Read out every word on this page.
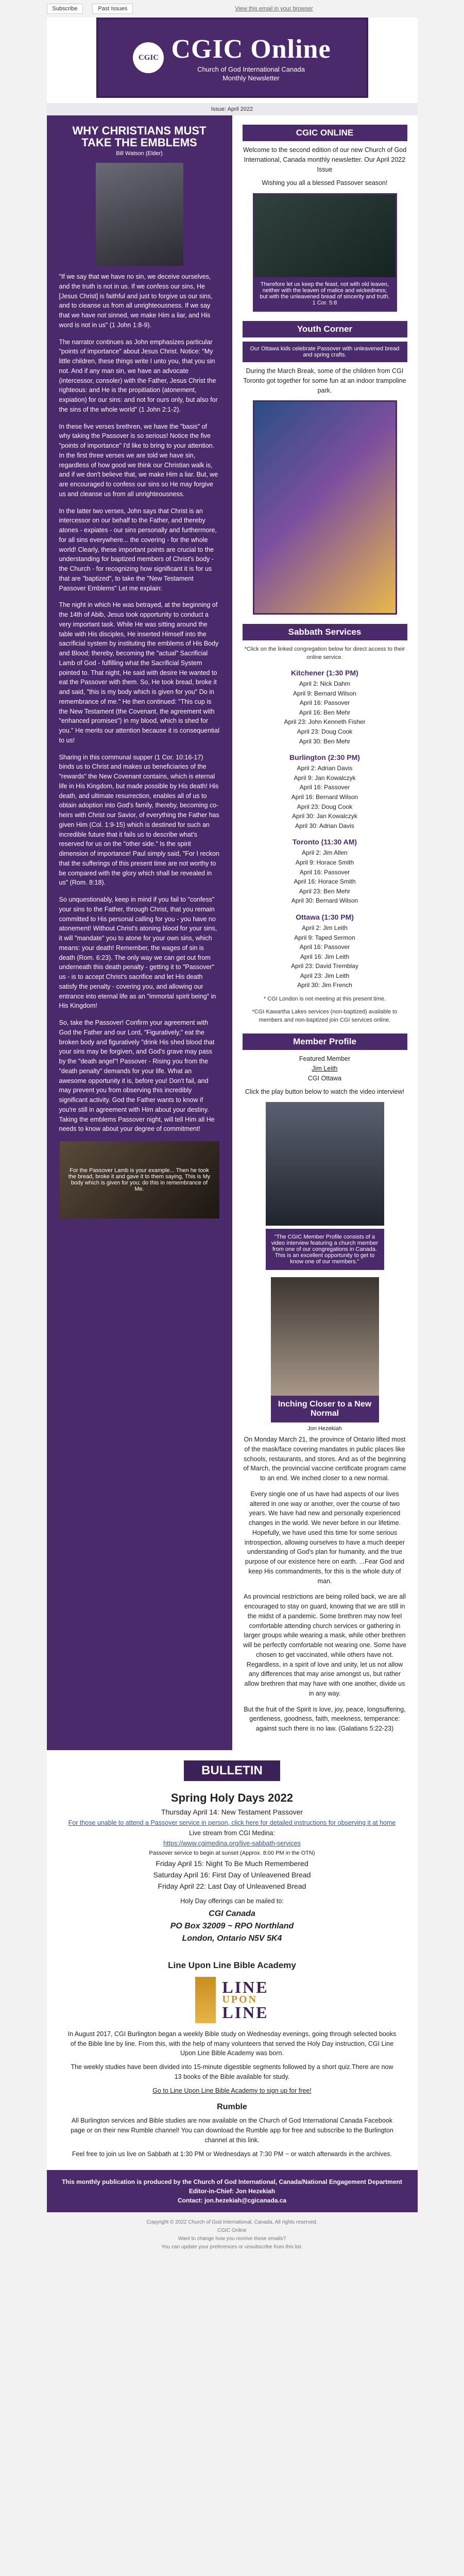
Subscribe	Past Issues	View this email in your browser
CGIC CGIC Online
Church of God International Canada
Monthly Newsletter
Issue: April 2022
WHY CHRISTIANS MUST TAKE THE EMBLEMS
Bill Watson (Elder)

"If we say that we have no sin, we deceive ourselves, and the truth is not in us. If we confess our sins, He [Jesus Christ] is faithful and just to forgive us our sins, and to cleanse us from all unrighteousness. If we say that we have not sinned, we make Him a liar, and His word is not in us" (1 John 1:8-9).

The narrator continues as John emphasizes particular "points of importance" about Jesus Christ. Notice: "My little children, these things write I unto you, that you sin not. And if any man sin, we have an advocate (intercessor, consoler) with the Father, Jesus Christ the righteous: and He is the propitiation (atonement, expiation) for our sins: and not for ours only, but also for the sins of the whole world" (1 John 2:1-2).

In these five verses brethren, we have the "basis" of why taking the Passover is so serious! Notice the five "points of importance" I'd like to bring to your attention. In the first three verses we are told we have sin, regardless of how good we think our Christian walk is, and if we don't believe that, we make Him a liar. But, we are encouraged to confess our sins so He may forgive us and cleanse us from all unrighteousness.

In the latter two verses, John says that Christ is an intercessor on our behalf to the Father, and thereby atones - expiates - our sins personally and furthermore, for all sins everywhere... the covering - for the whole world! Clearly, these important points are crucial to the understanding for baptized members of Christ's body - the Church - for recognizing how significant it is for us that are "baptized", to take the "New Testament Passover Emblems" Let me explain:

The night in which He was betrayed, at the beginning of the 14th of Abib, Jesus took opportunity to conduct a very important task. While He was sitting around the table with His disciples, He inserted Himself into the sacrificial system by instituting the emblems of His Body and Blood; thereby, becoming the "actual" Sacrificial Lamb of God - fulfilling what the Sacrificial System pointed to. That night, He said with desire He wanted to eat the Passover with them. So, He took bread, broke it and said, "this is my body which is given for you" Do in remembrance of me." He then continued: "This cup is the New Testament (the Covenant, the agreement with "enhanced promises") in my blood, which is shed for you." He merits our attention because it is consequential to us!

Sharing in this communal supper (1 Cor. 10:16-17) binds us to Christ and makes us beneficiaries of the "rewards" the New Covenant contains, which is eternal life in His Kingdom, but made possible by His death! His death, and ultimate resurrection, enables all of us to obtain adoption into God's family, thereby, becoming co-heirs with Christ our Savior, of everything the Father has given Him (Col. 1:9-15) which is destined for such an incredible future that it fails us to describe what's reserved for us on the "other side." Is the spirit dimension of importance! Paul simply said, "For I reckon that the sufferings of this present time are not worthy to be compared with the glory which shall be revealed in us" (Rom. 8:18).

So unquestionably, keep in mind if you fail to "confess" your sins to the Father, through Christ, that you remain committed to His personal calling for you - you have no atonement! Without Christ's atoning blood for your sins, it will "mandate" you to atone for your own sins, which means: your death! Remember, the wages of sin is death (Rom. 6:23). The only way we can get out from underneath this death penalty - getting it to "Passover" us - is to accept Christ's sacrifice and let His death satisfy the penalty - covering you, and allowing our entrance into eternal life as an "immortal spirit being" in His Kingdom!

So, take the Passover! Confirm your agreement with God the Father and our Lord, "Figuratively," eat the broken body and figuratively "drink His shed blood that your sins may be forgiven, and God's grave may pass by the "death angel"! Passover - Rising you from the "death penalty" demands for your life. What an awesome opportunity it is, before you! Don't fail, and may prevent you from observing this incredibly significant activity. God the Father wants to know if you're still in agreement with Him about your destiny. Taking the emblems Passover night, will tell Him all He needs to know about your degree of commitment!

For the Passover Lamb is your example... Then he took the bread, broke it and gave it to them saying, This is My body which is given for you; do this in remembrance of Me.
CGIC ONLINE
Welcome to the second edition of our new Church of God International, Canada monthly newsletter. Our April 2022 Issue
Wishing you all a blessed Passover season!
Therefore let us keep the feast, not with old leaven, neither with the leaven of malice and wickedness; but with the unleavened bread of sincerity and truth. 1 Cor. 5:8
Youth Corner
Our Ottawa kids celebrate Passover with unleavened bread and spring crafts.
During the March Break, some of the children from CGI Toronto got together for some fun at an indoor trampoline park.
Sabbath Services
*Click on the linked congregation below for direct access to their online service.
Kitchener (1:30 PM)
April 2: Nick Dahm
April 9: Bernard Wilson
April 16: Passover
April 16: Ben Mehr
April 23: John Kenneth Fisher
April 23: Doug Cook
April 30: Ben Mehr
Burlington (2:30 PM)
April 2: Adrian Davis
April 9: Jan Kowalczyk
April 16: Passover
April 16: Bernard Wilson
April 23: Doug Cook
April 30: Jan Kowalczyk
April 30: Adrian Davis
Toronto (11:30 AM)
April 2: Jim Allen
April 9: Horace Smith
April 16: Passover
April 16: Horace Smith
April 23: Ben Mehr
April 30: Bernard Wilson
Ottawa (1:30 PM)
April 2: Jim Leith
April 9: Taped Sermon
April 16: Passover
April 16: Jim Leith
April 23: David Tremblay
April 23: Jim Leith
April 30: Jim French
* CGI London is not meeting at this present time.
*CGI Kawartha Lakes services (non-baptized) available to members and non-baptized join CGI services online.
Member Profile
Featured Member
Jim Leith
CGI Ottawa
Click the play button below to watch the video interview!
"The CGIC Member Profile consists of a video interview featuring a church member from one of our congregations in Canada. This is an excellent opportunity to get to know one of our members."
Inching Closer to a New Normal
Jon Hezekiah

On Monday March 21, the province of Ontario lifted most of the mask/face covering mandates in public places like schools, restaurants, and stores. And as of the beginning of March, the provincial vaccine certificate program came to an end. We inched closer to a new normal.

Every single one of us have had aspects of our lives altered in one way or another, over the course of two years. We have had new and personally experienced changes in the world. We never before in our lifetime. Hopefully, we have used this time for some serious introspection, allowing ourselves to have a much deeper understanding of God's plan for humanity, and the true purpose of our existence here on earth. ...Fear God and keep His commandments, for this is the whole duty of man.

As provincial restrictions are being rolled back, we are all encouraged to stay on guard, knowing that we are still in the midst of a pandemic. Some brethren may now feel comfortable attending church services or gathering in larger groups while wearing a mask, while other brethren will be perfectly comfortable not wearing one. Some have chosen to get vaccinated, while others have not. Regardless, in a spirit of love and unity, let us not allow any differences that may arise amongst us, but rather allow brethren that may have with one another, divide us in any way.

But the fruit of the Spirit is love, joy, peace, longsuffering, gentleness, goodness, faith, meekness, temperance: against such there is no law. (Galatians 5:22-23)

BULLETIN
Spring Holy Days 2022

Thursday April 14: New Testament Passover

For those unable to attend a Passover service in person, click here for detailed instructions for observing it at home

Live stream from CGI Medina:

https://www.cgimedina.org/live-sabbath-services

Passover service to begin at sunset (Approx. 8:00 PM in the OTN)

Friday April 15: Night To Be Much Remembered

Saturday April 16: First Day of Unleavened Bread

Friday April 22: Last Day of Unleavened Bread

Holy Day offerings can be mailed to:

CGI Canada
PO Box 32009 ~ RPO Northland
London, Ontario N5V 5K4
Line Upon Line Bible Academy
LINE
UPON
LINE

In August 2017, CGI Burlington began a weekly Bible study on Wednesday evenings, going through selected books of the Bible line by line. From this, with the help of many volunteers that served the Holy Day instruction, CGI Line Upon Line Bible Academy was born.

The weekly studies have been divided into 15-minute digestible segments followed by a short quiz.There are now 13 books of the Bible available for study.

Go to Line Upon Line Bible Academy to sign up for free!

Rumble

All Burlington services and Bible studies are now available on the Church of God International Canada Facebook page or on their new Rumble channel! You can download the Rumble app for free and subscribe to the Burlington channel at this link.

Feel free to join us live on Sabbath at 1:30 PM or Wednesdays at 7:30 PM ~ or watch afterwards in the archives.

This monthly publication is produced by the Church of God International, Canada/National Engagement Department
Editor-in-Chief: Jon Hezekiah
Contact: jon.hezekiah@cgicanada.ca
Copyright © 2022 Church of God International, Canada, All rights reserved.
CGIC Online
Want to change how you receive these emails?
You can update your preferences or unsubscribe from this list.
